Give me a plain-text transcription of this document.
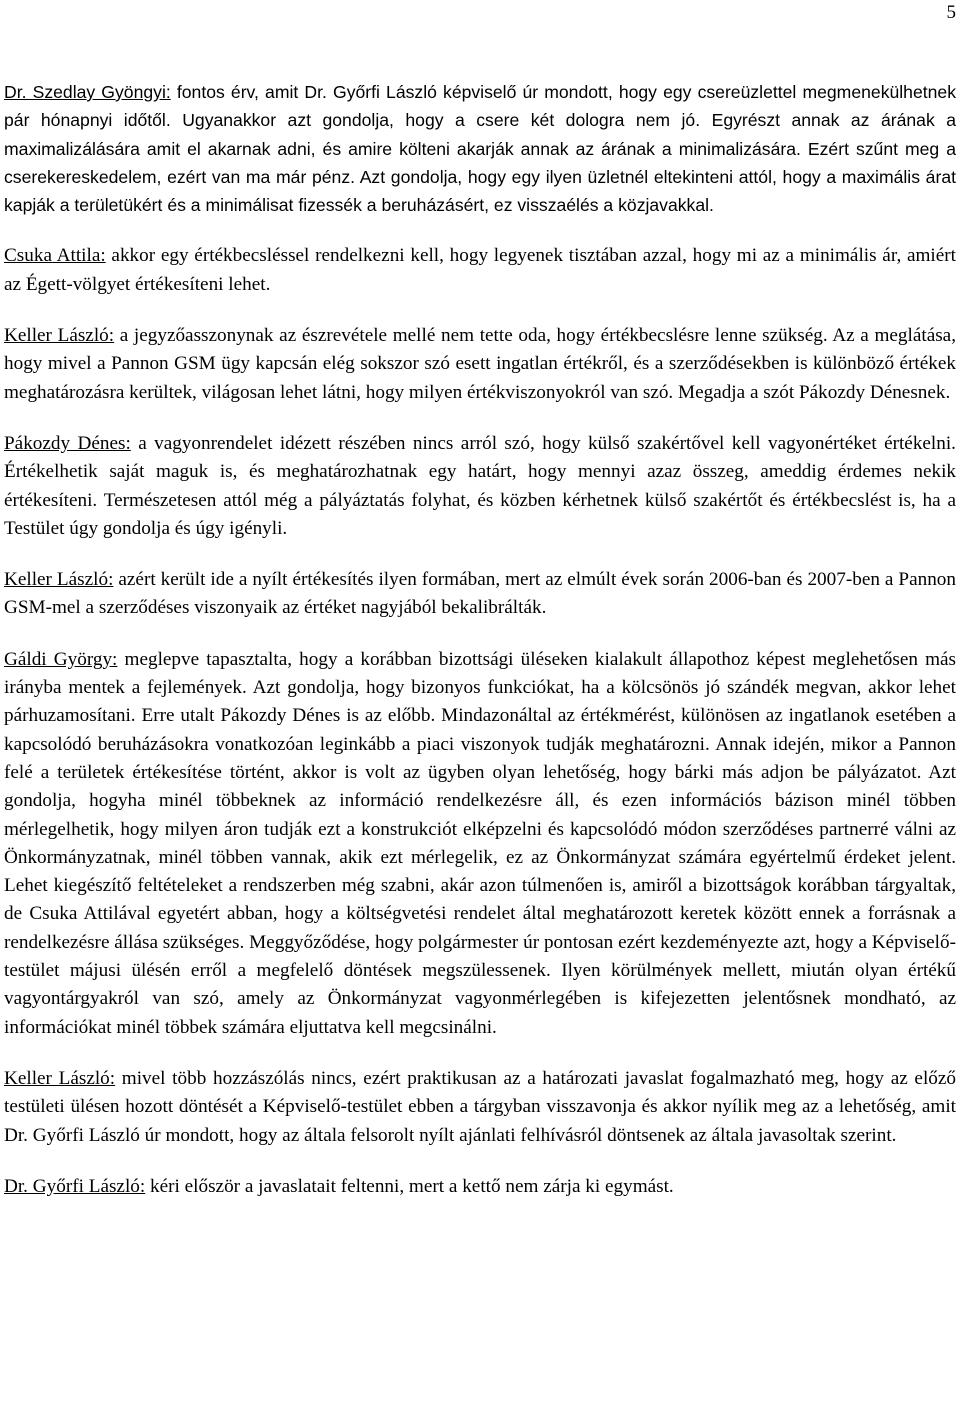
5

Dr. Szedlay Gyöngyi: fontos érv, amit Dr. Győrfi László képviselő úr mondott, hogy egy csereüzlettel megmenekülhetnek pár hónapnyi időtől. Ugyanakkor azt gondolja, hogy a csere két dologra nem jó. Egyrészt annak az árának a maximalizálására amit el akarnak adni, és amire költeni akarják annak az árának a minimalizására. Ezért szűnt meg a cserekereskedelem, ezért van ma már pénz. Azt gondolja, hogy egy ilyen üzletnél eltekinteni attól, hogy a maximális árat kapják a területükért és a minimálisat fizessék a beruházásért, ez visszaélés a közjavakkal.

Csuka Attila: akkor egy értékbecsléssel rendelkezni kell, hogy legyenek tisztában azzal, hogy mi az a minimális ár, amiért az Égett-völgyet értékesíteni lehet.

Keller László: a jegyzőasszonynak az észrevétele mellé nem tette oda, hogy értékbecslésre lenne szükség. Az a meglátása, hogy mivel a Pannon GSM ügy kapcsán elég sokszor szó esett ingatlan értékről, és a szerződésekben is különböző értékek meghatározásra kerültek, világosan lehet látni, hogy milyen értékviszonyokról van szó. Megadja a szót Pákozdy Dénesnek.

Pákozdy Dénes: a vagyonrendelet idézett részében nincs arról szó, hogy külső szakértővel kell vagyonértéket értékelni. Értékelhetik saját maguk is, és meghatározhatnak egy határt, hogy mennyi azaz összeg, ameddig érdemes nekik értékesíteni. Természetesen attól még a pályáztatás folyhat, és közben kérhetnek külső szakértőt és értékbecslést is, ha a Testület úgy gondolja és úgy igényli.

Keller László: azért került ide a nyílt értékesítés ilyen formában, mert az elmúlt évek során 2006-ban és 2007-ben a Pannon GSM-mel a szerződéses viszonyaik az értéket nagyjából bekalibrálták.

Gáldi György: meglepve tapasztalta, hogy a korábban bizottsági üléseken kialakult állapothoz képest meglehetősen más irányba mentek a fejlemények. Azt gondolja, hogy bizonyos funkciókat, ha a kölcsönös jó szándék megvan, akkor lehet párhuzamosítani. Erre utalt Pákozdy Dénes is az előbb. Mindazonáltal az értékmérést, különösen az ingatlanok esetében a kapcsolódó beruházásokra vonatkozóan leginkább a piaci viszonyok tudják meghatározni. Annak idején, mikor a Pannon felé a területek értékesítése történt, akkor is volt az ügyben olyan lehetőség, hogy bárki más adjon be pályázatot. Azt gondolja, hogyha minél többeknek az információ rendelkezésre áll, és ezen információs bázison minél többen mérlegelhetik, hogy milyen áron tudják ezt a konstrukciót elképzelni és kapcsolódó módon szerződéses partnerré válni az Önkormányzatnak, minél többen vannak, akik ezt mérlegelik, ez az Önkormányzat számára egyértelmű érdeket jelent. Lehet kiegészítő feltételeket a rendszerben még szabni, akár azon túlmenően is, amiről a bizottságok korábban tárgyaltak, de Csuka Attilával egyetért abban, hogy a költségvetési rendelet által meghatározott keretek között ennek a forrásnak a rendelkezésre állása szükséges. Meggyőződése, hogy polgármester úr pontosan ezért kezdeményezte azt, hogy a Képviselő-testület májusi ülésén erről a megfelelő döntések megszülessenek. Ilyen körülmények mellett, miután olyan értékű vagyontárgyakról van szó, amely az Önkormányzat vagyonmérlegében is kifejezetten jelentősnek mondható, az információkat minél többek számára eljuttatva kell megcsinálni.

Keller László: mivel több hozzászólás nincs, ezért praktikusan az a határozati javaslat fogalmazható meg, hogy az előző testületi ülésen hozott döntését a Képviselő-testület ebben a tárgyban visszavonja és akkor nyílik meg az a lehetőség, amit Dr. Győrfi László úr mondott, hogy az általa felsorolt nyílt ajánlati felhívásról döntsenek az általa javasoltak szerint.

Dr. Győrfi László: kéri először a javaslatait feltenni, mert a kettő nem zárja ki egymást.
